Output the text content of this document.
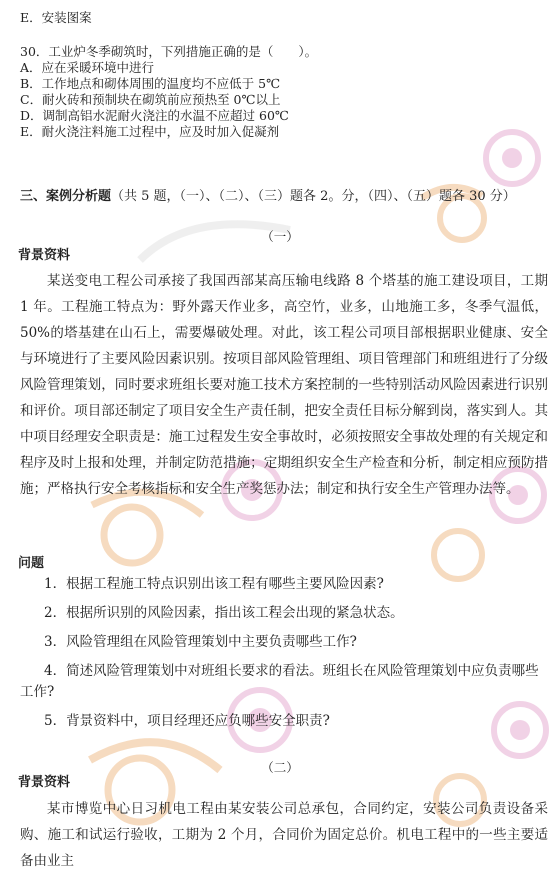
E．安装图案
30．工业炉冬季砌筑时，下列措施正确的是（　　）。
A．应在采暖环境中进行
B．工作地点和砌体周围的温度均不应低于 5℃
C．耐火砖和预制块在砌筑前应预热至 0℃以上
D．调制高铝水泥耐火浇注的水温不应超过 60℃
E．耐火浇注料施工过程中，应及时加入促凝剂
三、案例分析题（共 5 题，（一）、（二）、（三）题各 2。分，（四）、（五）题各 30 分）
（一）
背景资料

某送变电工程公司承接了我国西部某高压输电线路 8 个塔基的施工建设项目，工期 1 年。工程施工特点为：野外露天作业多，高空竹，业多，山地施工多，冬季气温低，50%的塔基建在山石上，需要爆破处理。对此，该工程公司项目部根据职业健康、安全与环境进行了主要风险因素识别。按项目部风险管理组、项目管理部门和班组进行了分级风险管理策划，同时要求班组长要对施工技术方案控制的一些特别活动风险因素进行识别和评价。项目部还制定了项目安全生产责任制，把安全责任目标分解到岗，落实到人。其中项目经理安全职责是：施工过程发生安全事故时，必须按照安全事故处理的有关规定和程序及时上报和处理，并制定防范措施；定期组织安全生产检查和分析，制定相应预防措施；严格执行安全考核指标和安全生产奖惩办法；制定和执行安全生产管理办法等。

问题

1．根据工程施工特点识别出该工程有哪些主要风险因素?

2．根据所识别的风险因素，指出该工程会出现的紧急状态。

3．风险管理组在风险管理策划中主要负责哪些工作?

4．简述风险管理策划中对班组长要求的看法。班组长在风险管理策划中应负责哪些工作?

5．背景资料中，项目经理还应负哪些安全职责?

（二）
背景资料

某市博览中心日习机电工程由某安装公司总承包，合同约定，安装公司负责设备采购、施工和试运行验收，工期为 2 个月，合同价为固定总价。机电工程中的一些主要适备由业主
